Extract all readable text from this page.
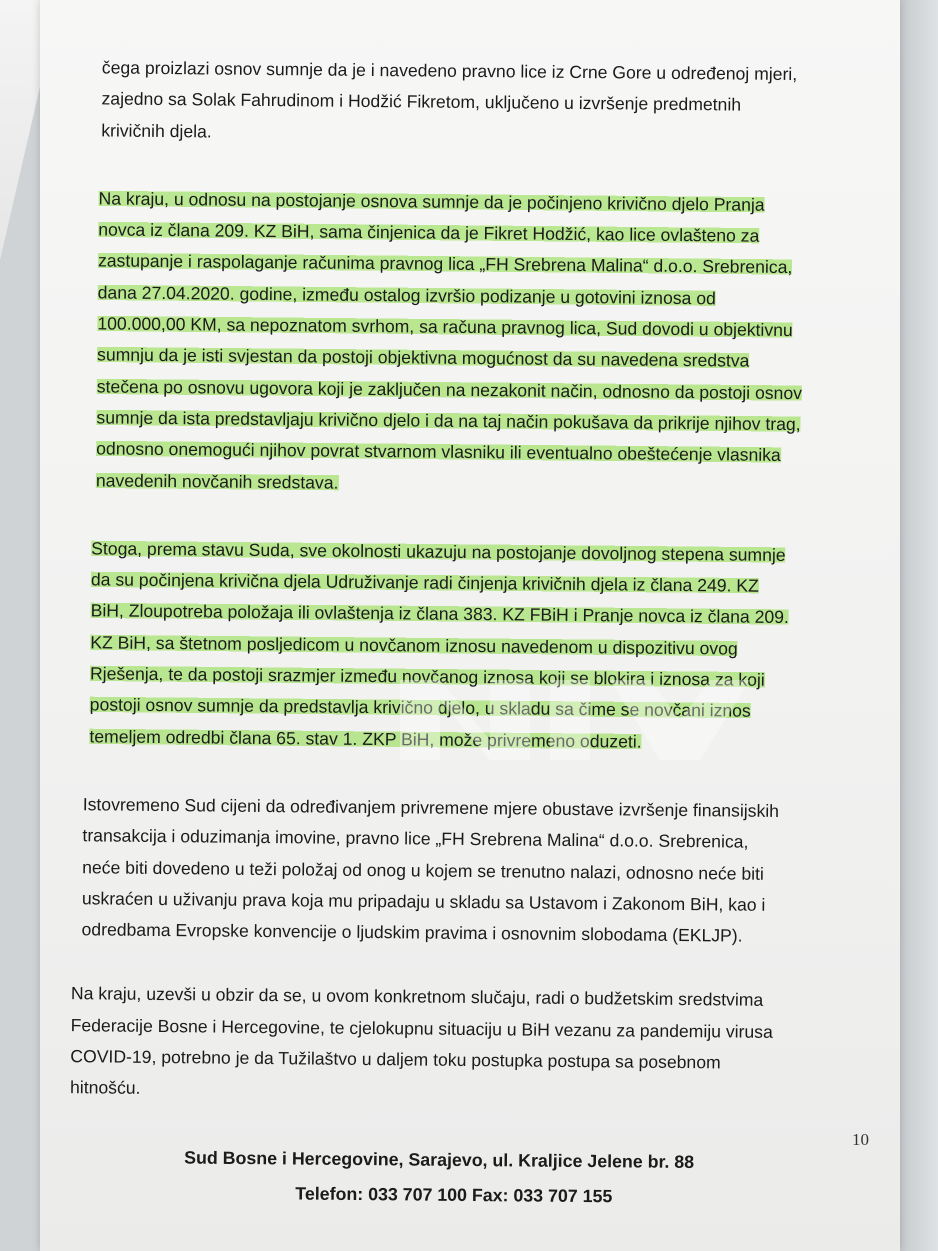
čega proizlazi osnov sumnje da je i navedeno pravno lice iz Crne Gore u određenoj mjeri,
zajedno sa Solak Fahrudinom i Hodžić Fikretom, uključeno u izvršenje predmetnih
krivičnih djela.

Na kraju, u odnosu na postojanje osnova sumnje da je počinjeno krivično djelo Pranja
novca iz člana 209. KZ BiH, sama činjenica da je Fikret Hodžić, kao lice ovlašteno za
zastupanje i raspolaganje računima pravnog lica „FH Srebrena Malina“ d.o.o. Srebrenica,
dana 27.04.2020. godine, između ostalog izvršio podizanje u gotovini iznosa od
100.000,00 KM, sa nepoznatom svrhom, sa računa pravnog lica, Sud dovodi u objektivnu
sumnju da je isti svjestan da postoji objektivna mogućnost da su navedena sredstva
stečena po osnovu ugovora koji je zaključen na nezakonit način, odnosno da postoji osnov
sumnje da ista predstavljaju krivično djelo i da na taj način pokušava da prikrije njihov trag,
odnosno onemogući njihov povrat stvarnom vlasniku ili eventualno obeštećenje vlasnika
navedenih novčanih sredstava.

Stoga, prema stavu Suda, sve okolnosti ukazuju na postojanje dovoljnog stepena sumnje
da su počinjena krivična djela Udruživanje radi činjenja krivičnih djela iz člana 249. KZ
BiH, Zloupotreba položaja ili ovlaštenja iz člana 383. KZ FBiH i Pranje novca iz člana 209.
KZ BiH, sa štetnom posljedicom u novčanom iznosu navedenom u dispozitivu ovog
Rješenja, te da postoji srazmjer između novčanog iznosa koji se blokira i iznosa za koji
postoji osnov sumnje da predstavlja krivično djelo, u skladu sa čime se novčani iznos
temeljem odredbi člana 65. stav 1. ZKP BiH, može privremeno oduzeti.

Istovremeno Sud cijeni da određivanjem privremene mjere obustave izvršenje finansijskih
transakcija i oduzimanja imovine, pravno lice „FH Srebrena Malina“ d.o.o. Srebrenica,
neće biti dovedeno u teži položaj od onog u kojem se trenutno nalazi, odnosno neće biti
uskraćen u uživanju prava koja mu pripadaju u skladu sa Ustavom i Zakonom BiH, kao i
odredbama Evropske konvencije o ljudskim pravima i osnovnim slobodama (EKLJP).

Na kraju, uzevši u obzir da se, u ovom konkretnom slučaju, radi o budžetskim sredstvima
Federacije Bosne i Hercegovine, te cjelokupnu situaciju u BiH vezanu za pandemiju virusa
COVID-19, potrebno je da Tužilaštvo u daljem toku postupka postupa sa posebnom
hitnošću.

10
Sud Bosne i Hercegovine, Sarajevo, ul. Kraljice Jelene br. 88
Telefon: 033 707 100 Fax: 033 707 155
